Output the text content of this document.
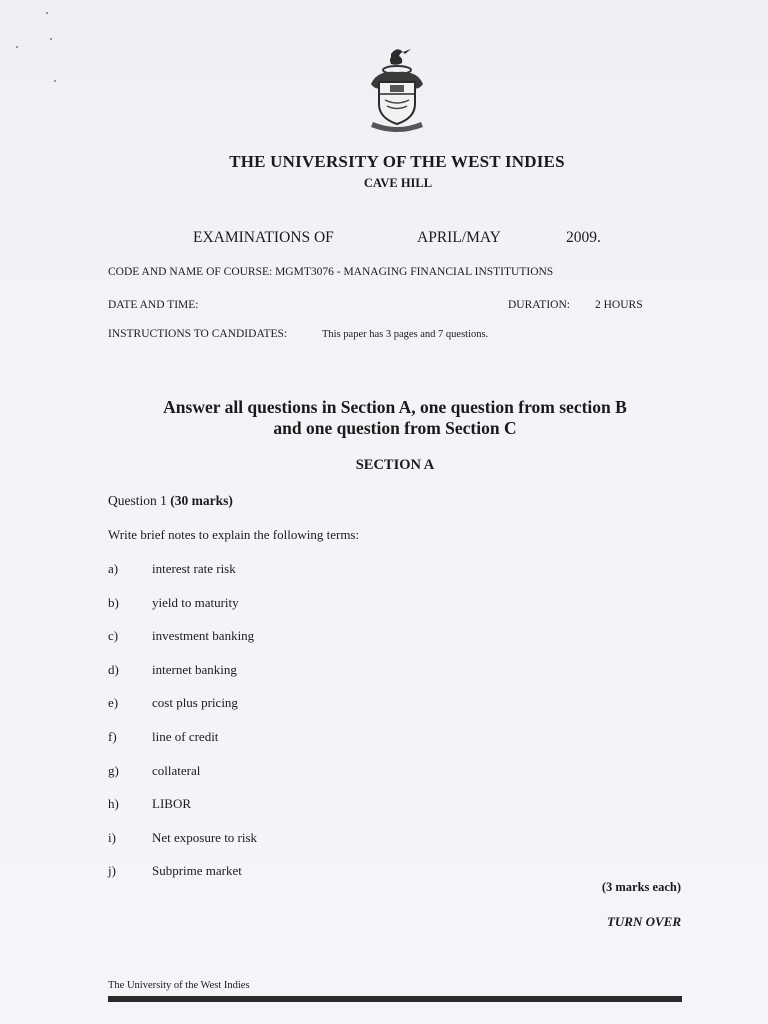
THE UNIVERSITY OF THE WEST INDIES
CAVE HILL
EXAMINATIONS OF	APRIL/MAY	2009.
CODE AND NAME OF COURSE: MGMT3076 - MANAGING FINANCIAL INSTITUTIONS
DATE AND TIME:	DURATION: 2 HOURS
INSTRUCTIONS TO CANDIDATES:	This paper has 3 pages and 7 questions.
Answer all questions in Section A, one question from section B
and one question from Section C
SECTION A
Question 1 (30 marks)
Write brief notes to explain the following terms:
a)	interest rate risk
b)	yield to maturity
c)	investment banking
d)	internet banking
e)	cost plus pricing
f)	line of credit
g)	collateral
h)	LIBOR
i)	Net exposure to risk
j)	Subprime market
(3 marks each)
TURN OVER
The University of the West Indies
